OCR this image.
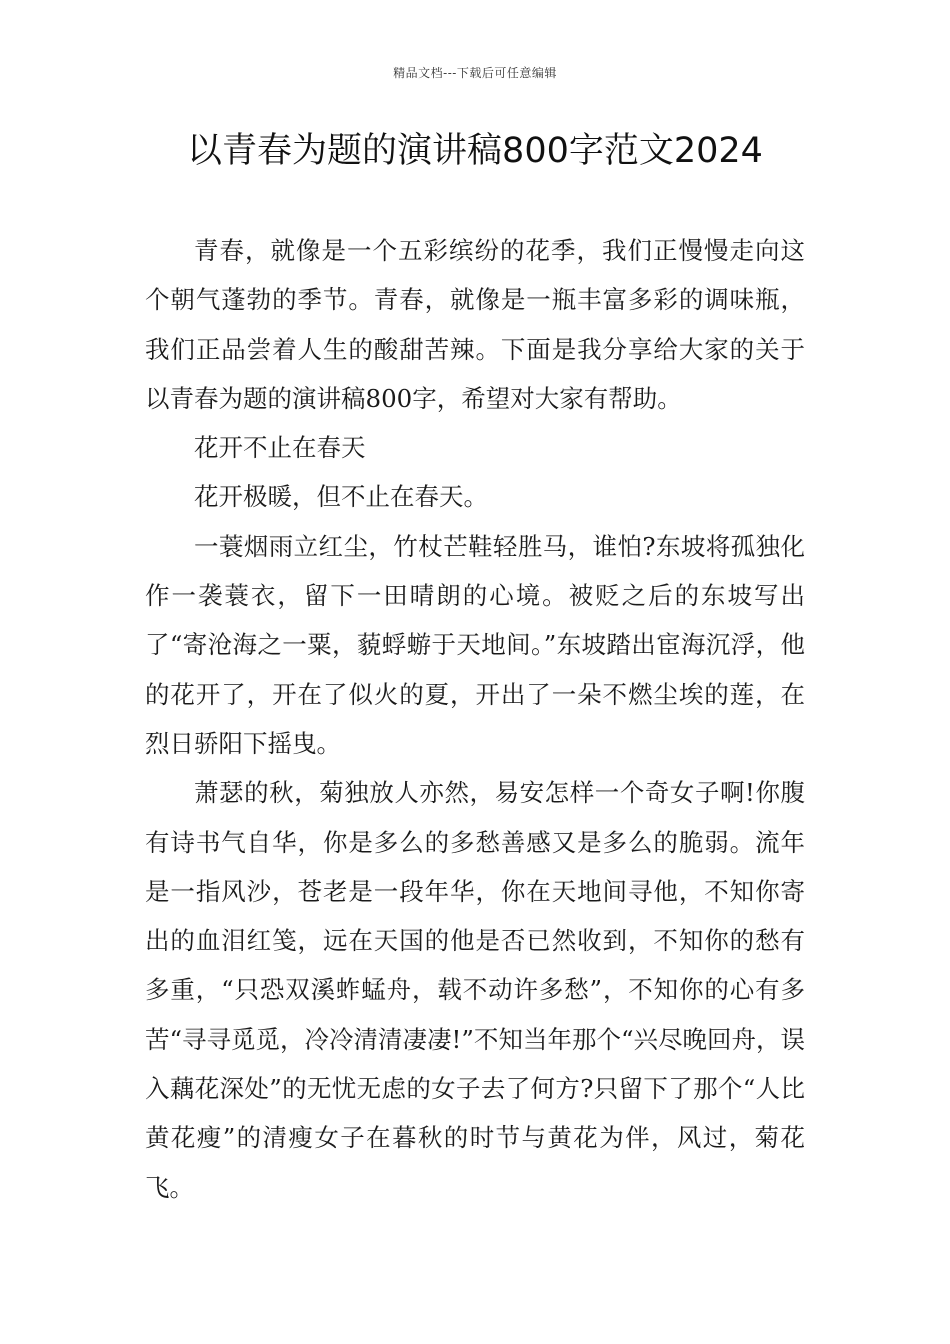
精品文档---下载后可任意编辑
以青春为题的演讲稿800字范文2024

青春，就像是一个五彩缤纷的花季，我们正慢慢走向这个朝气蓬勃的季节。青春，就像是一瓶丰富多彩的调味瓶，我们正品尝着人生的酸甜苦辣。下面是我分享给大家的关于以青春为题的演讲稿800字，希望对大家有帮助。

花开不止在春天

花开极暖，但不止在春天。

一蓑烟雨立红尘，竹杖芒鞋轻胜马，谁怕?东坡将孤独化作一袭蓑衣，留下一田晴朗的心境。被贬之后的东坡写出了“寄沧海之一粟，藐蜉蝣于天地间。”东坡踏出宦海沉浮，他的花开了，开在了似火的夏，开出了一朵不燃尘埃的莲，在烈日骄阳下摇曳。

萧瑟的秋，菊独放人亦然，易安怎样一个奇女子啊!你腹有诗书气自华，你是多么的多愁善感又是多么的脆弱。流年是一指风沙，苍老是一段年华，你在天地间寻他，不知你寄出的血泪红笺，远在天国的他是否已然收到，不知你的愁有多重，“只恐双溪蚱蜢舟，载不动许多愁”，不知你的心有多苦“寻寻觅觅，冷冷清清凄凄!”不知当年那个“兴尽晚回舟，误入藕花深处”的无忧无虑的女子去了何方?只留下了那个“人比黄花瘦”的清瘦女子在暮秋的时节与黄花为伴，风过，菊花飞。
